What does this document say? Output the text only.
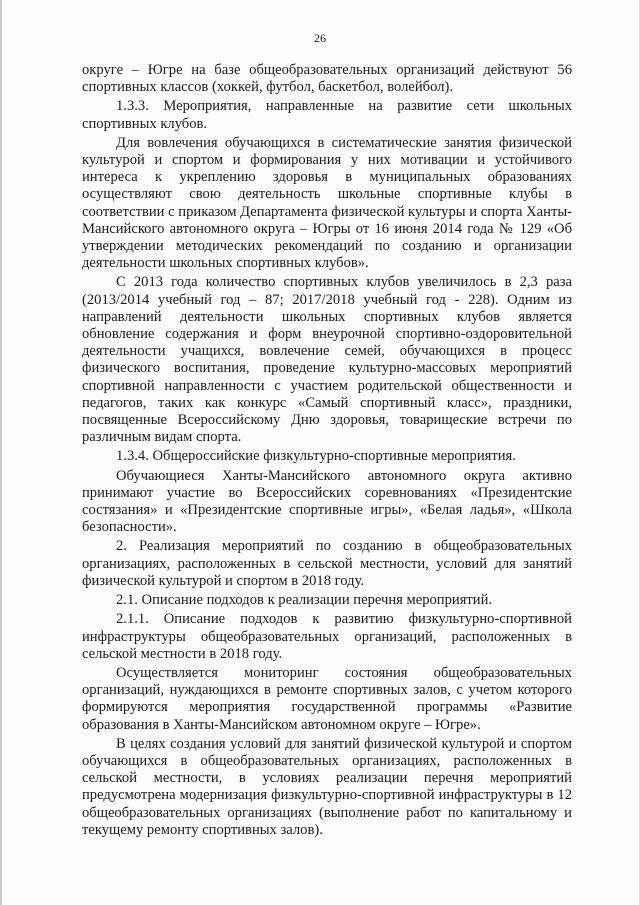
26

округе – Югре на базе общеобразовательных организаций действуют 56 спортивных классов (хоккей, футбол, баскетбол, волейбол).

1.3.3. Мероприятия, направленные на развитие сети школьных спортивных клубов.

Для вовлечения обучающихся в систематические занятия физической культурой и спортом и формирования у них мотивации и устойчивого интереса к укреплению здоровья в муниципальных образованиях осуществляют свою деятельность школьные спортивные клубы в соответствии с приказом Департамента физической культуры и спорта Ханты-Мансийского автономного округа – Югры от 16 июня 2014 года № 129 «Об утверждении методических рекомендаций по созданию и организации деятельности школьных спортивных клубов».

С 2013 года количество спортивных клубов увеличилось в 2,3 раза (2013/2014 учебный год – 87; 2017/2018 учебный год - 228). Одним из направлений деятельности школьных спортивных клубов является обновление содержания и форм внеурочной спортивно-оздоровительной деятельности учащихся, вовлечение семей, обучающихся в процесс физического воспитания, проведение культурно-массовых мероприятий спортивной направленности с участием родительской общественности и педагогов, таких как конкурс «Самый спортивный класс», праздники, посвященные Всероссийскому Дню здоровья, товарищеские встречи по различным видам спорта.

1.3.4. Общероссийские физкультурно-спортивные мероприятия.

Обучающиеся Ханты-Мансийского автономного округа активно принимают участие во Всероссийских соревнованиях «Президентские состязания» и «Президентские спортивные игры», «Белая ладья», «Школа безопасности».

2. Реализация мероприятий по созданию в общеобразовательных организациях, расположенных в сельской местности, условий для занятий физической культурой и спортом в 2018 году.

2.1. Описание подходов к реализации перечня мероприятий.

2.1.1. Описание подходов к развитию физкультурно-спортивной инфраструктуры общеобразовательных организаций, расположенных в сельской местности в 2018 году.

Осуществляется мониторинг состояния общеобразовательных организаций, нуждающихся в ремонте спортивных залов, с учетом которого формируются мероприятия государственной программы «Развитие образования в Ханты-Мансийском автономном округе – Югре».

В целях создания условий для занятий физической культурой и спортом обучающихся в общеобразовательных организациях, расположенных в сельской местности, в условиях реализации перечня мероприятий предусмотрена модернизация физкультурно-спортивной инфраструктуры в 12 общеобразовательных организациях (выполнение работ по капитальному и текущему ремонту спортивных залов).
